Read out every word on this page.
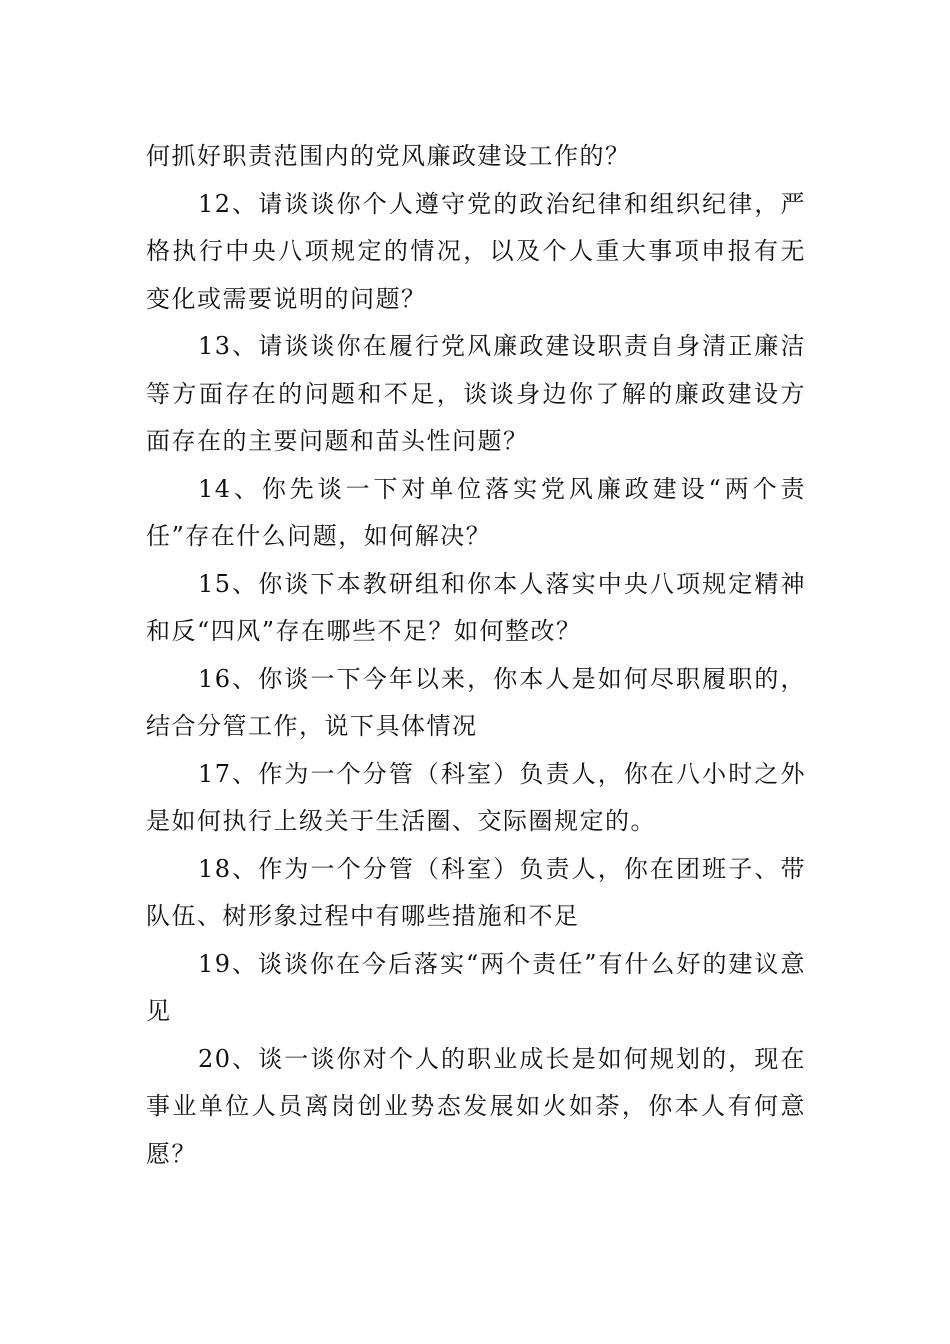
何抓好职责范围内的党风廉政建设工作的？

12、请谈谈你个人遵守党的政治纪律和组织纪律，严格执行中央八项规定的情况，以及个人重大事项申报有无变化或需要说明的问题？

13、请谈谈你在履行党风廉政建设职责自身清正廉洁等方面存在的问题和不足，谈谈身边你了解的廉政建设方面存在的主要问题和苗头性问题？

14、你先谈一下对单位落实党风廉政建设“两个责任”存在什么问题，如何解决？

15、你谈下本教研组和你本人落实中央八项规定精神和反“四风”存在哪些不足？如何整改？

16、你谈一下今年以来，你本人是如何尽职履职的，结合分管工作，说下具体情况

17、作为一个分管（科室）负责人，你在八小时之外是如何执行上级关于生活圈、交际圈规定的。

18、作为一个分管（科室）负责人，你在团班子、带队伍、树形象过程中有哪些措施和不足

19、谈谈你在今后落实“两个责任”有什么好的建议意见

20、谈一谈你对个人的职业成长是如何规划的，现在事业单位人员离岗创业势态发展如火如荼，你本人有何意愿？
